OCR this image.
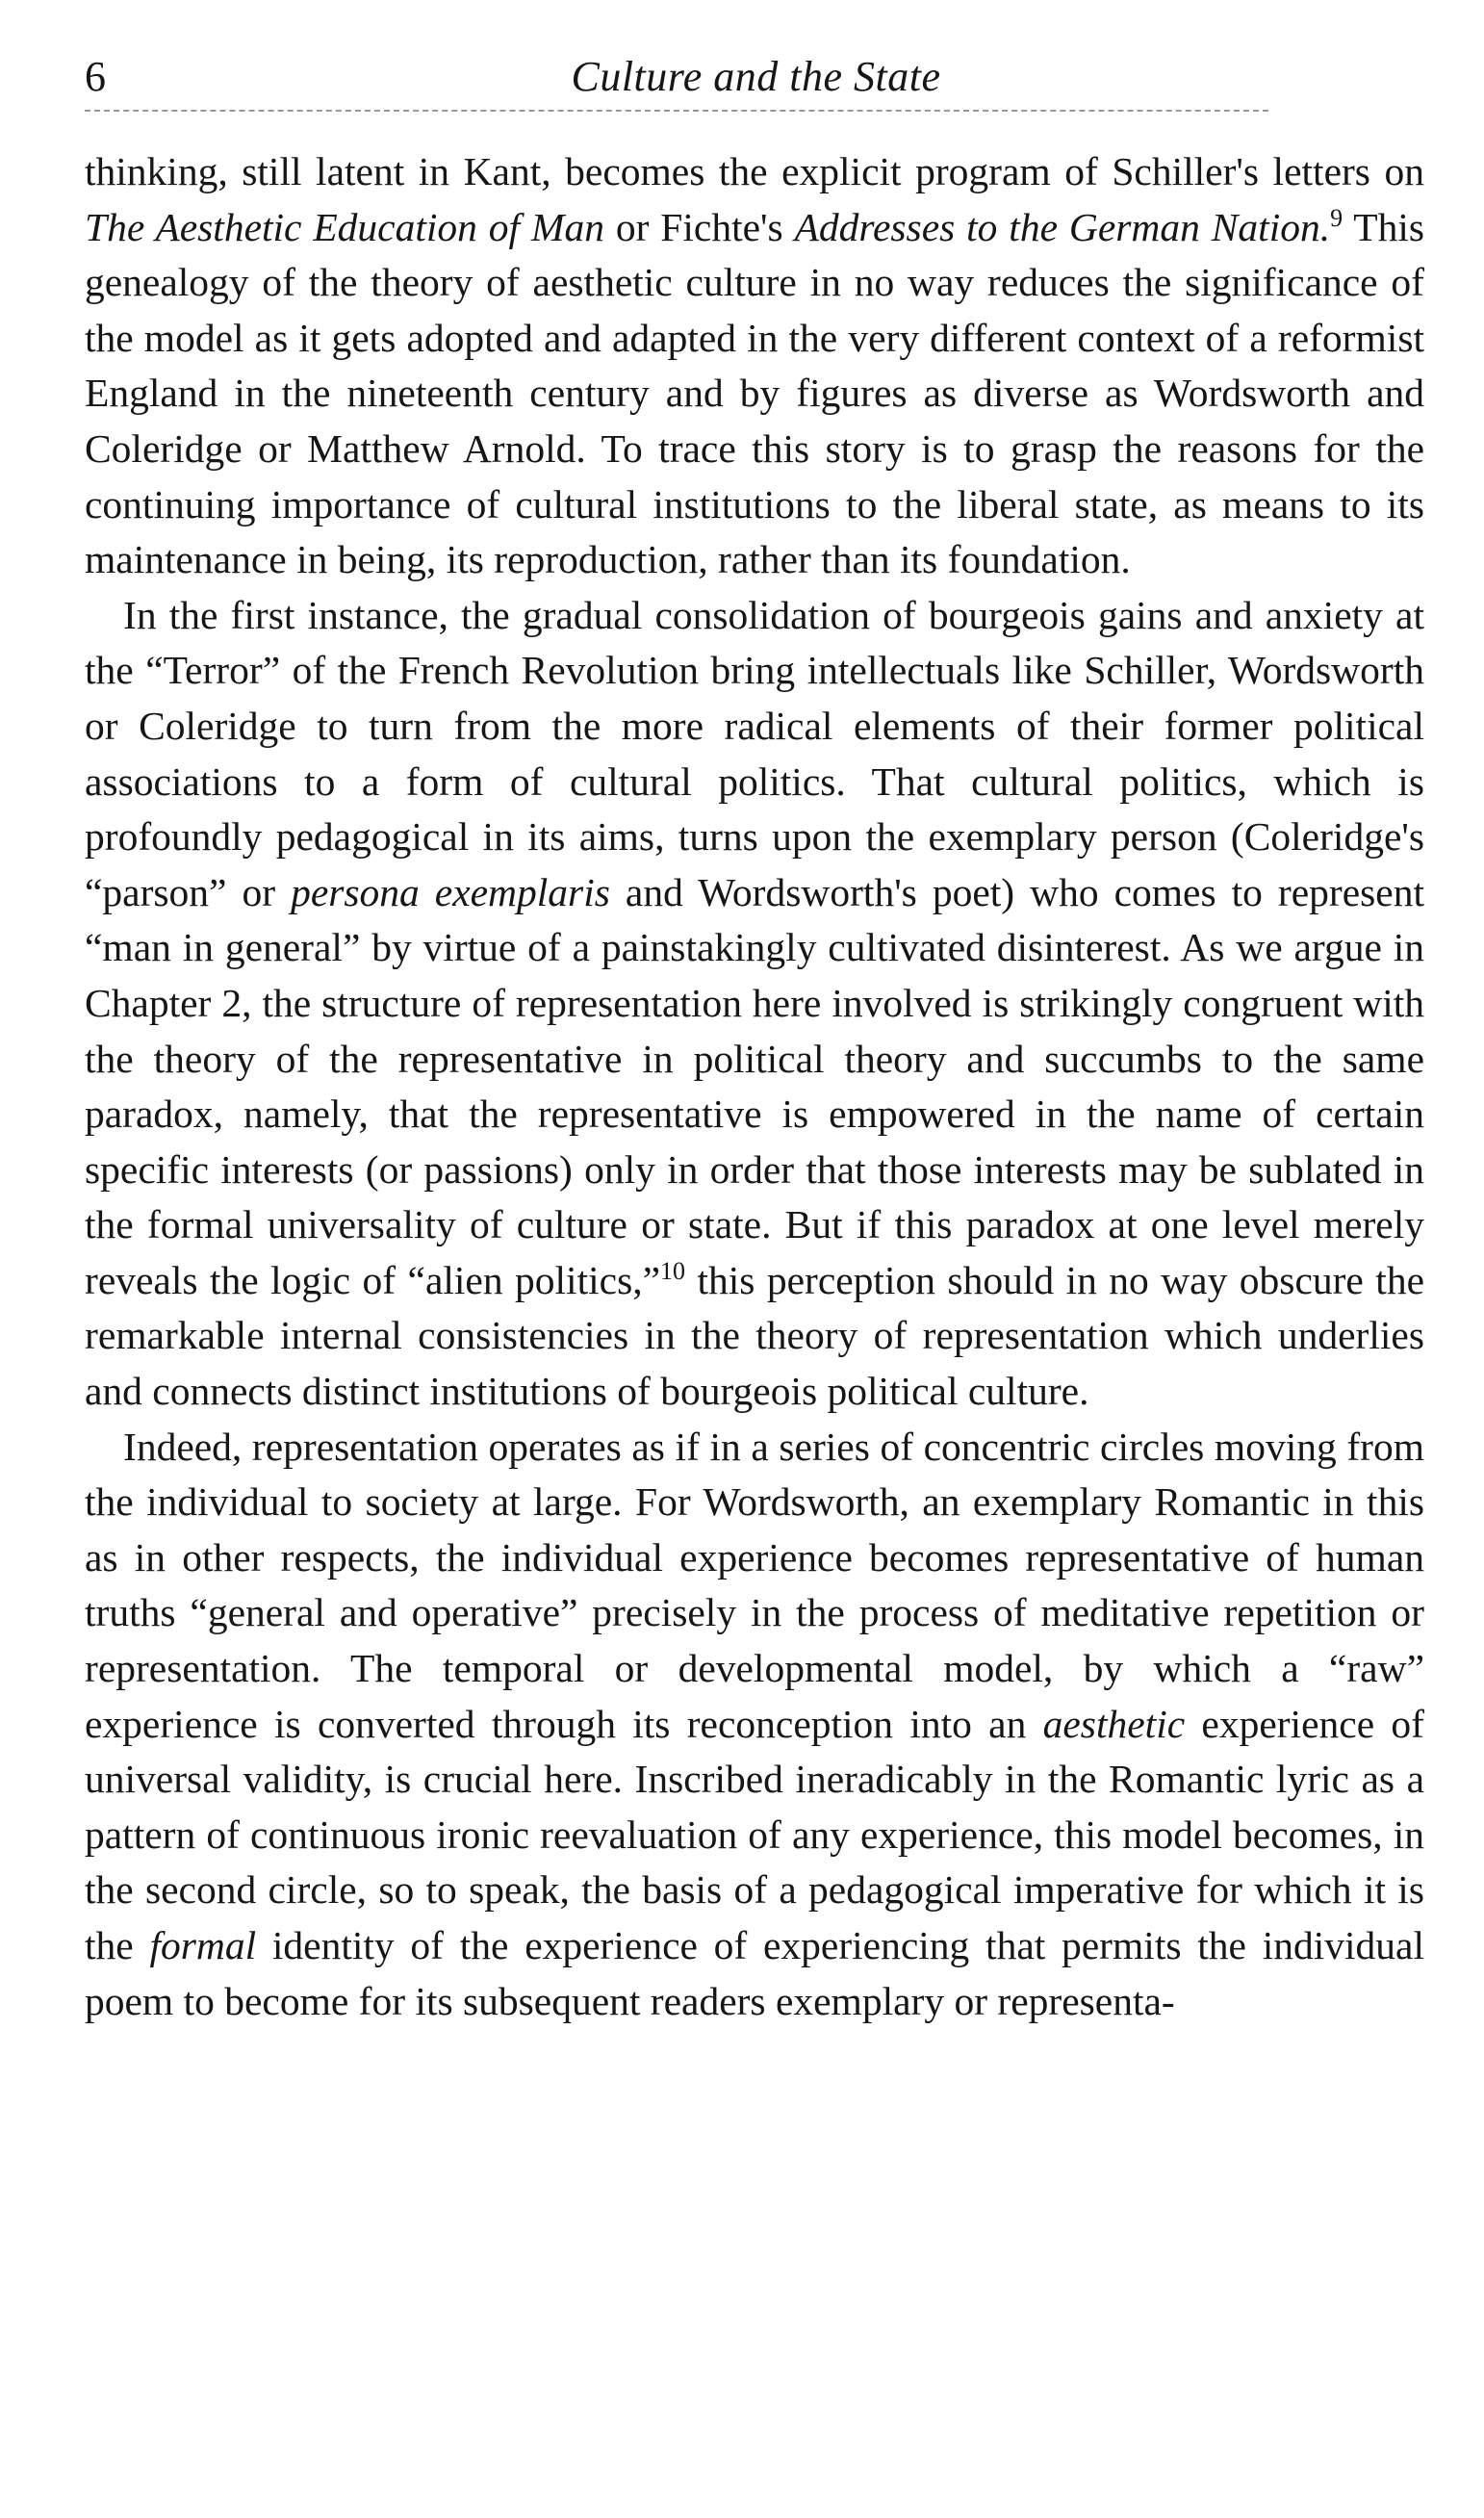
6	Culture and the State

thinking, still latent in Kant, becomes the explicit program of Schiller's letters on The Aesthetic Education of Man or Fichte's Addresses to the German Nation.$^9$ This genealogy of the theory of aesthetic culture in no way reduces the significance of the model as it gets adopted and adapted in the very different context of a reformist England in the nineteenth century and by figures as diverse as Wordsworth and Coleridge or Matthew Arnold. To trace this story is to grasp the reasons for the continuing importance of cultural institutions to the liberal state, as means to its maintenance in being, its reproduction, rather than its foundation.

In the first instance, the gradual consolidation of bourgeois gains and anxiety at the “Terror” of the French Revolution bring intellectuals like Schiller, Wordsworth or Coleridge to turn from the more radical elements of their former political associations to a form of cultural politics. That cultural politics, which is profoundly pedagogical in its aims, turns upon the exemplary person (Coleridge's “parson” or persona exemplaris and Wordsworth's poet) who comes to represent “man in general” by virtue of a painstakingly cultivated disinterest. As we argue in Chapter 2, the structure of representation here involved is strikingly congruent with the theory of the representative in political theory and succumbs to the same paradox, namely, that the representative is empowered in the name of certain specific interests (or passions) only in order that those interests may be sublated in the formal universality of culture or state. But if this paradox at one level merely reveals the logic of “alien politics,”$^{10}$ this perception should in no way obscure the remarkable internal consistencies in the theory of representation which underlies and connects distinct institutions of bourgeois political culture.

Indeed, representation operates as if in a series of concentric circles moving from the individual to society at large. For Wordsworth, an exemplary Romantic in this as in other respects, the individual experience becomes representative of human truths “general and operative” precisely in the process of meditative repetition or representation. The temporal or developmental model, by which a “raw” experience is converted through its reconception into an aesthetic experience of universal validity, is crucial here. Inscribed ineradicably in the Romantic lyric as a pattern of continuous ironic reevaluation of any experience, this model becomes, in the second circle, so to speak, the basis of a pedagogical imperative for which it is the formal identity of the experience of experiencing that permits the individual poem to become for its subsequent readers exemplary or representa-
